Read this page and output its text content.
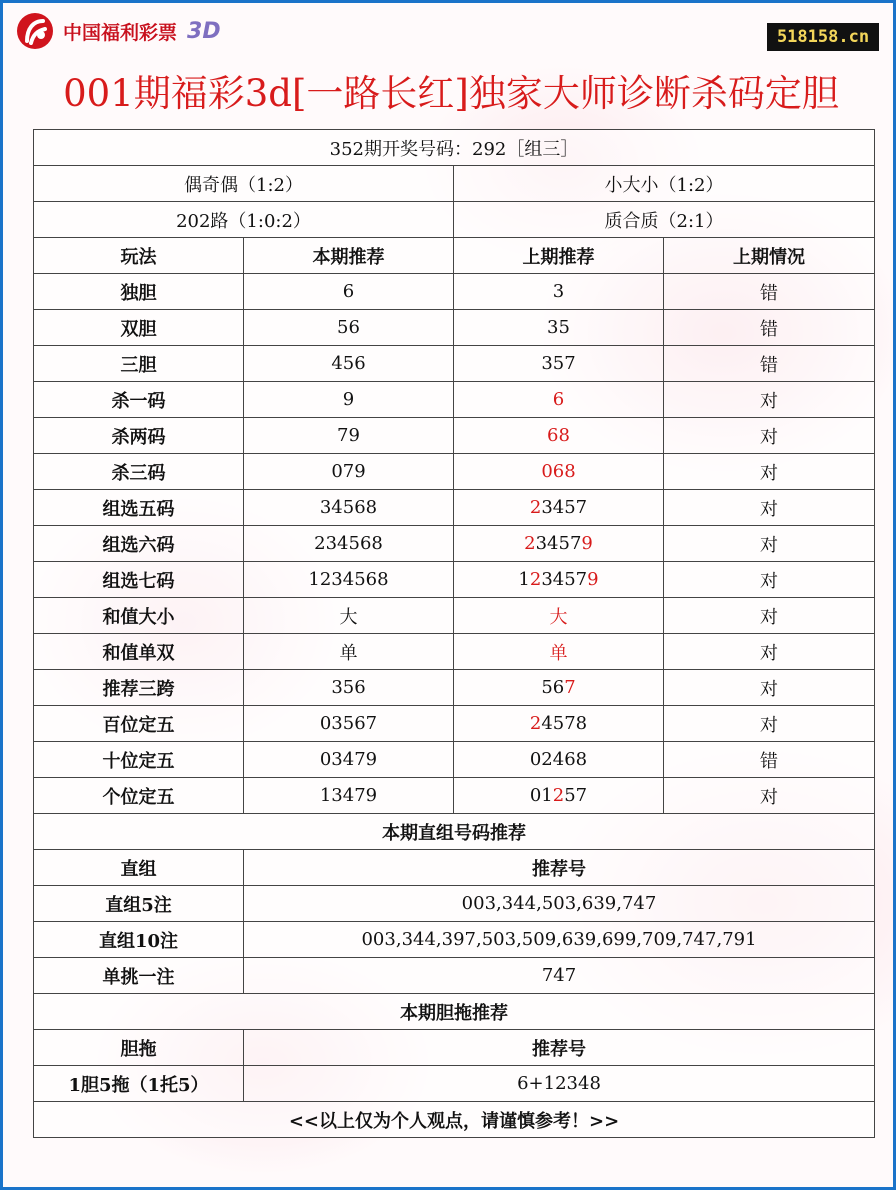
中国福利彩票 3D	518158.cn
001期福彩3d[一路长红]独家大师诊断杀码定胆
352期开奖号码：292［组三］			
偶奇偶（1:2）		小大小（1:2）	
202路（1:0:2）		质合质（2:1）	
玩法	本期推荐	上期推荐	上期情况
独胆	6	3	错
双胆	56	35	错
三胆	456	357	错
杀一码	9	6	对
杀两码	79	68	对
杀三码	079	068	对
组选五码	34568	23457	对
组选六码	234568	234579	对
组选七码	1234568	1234579	对
和值大小	大	大	对
和值单双	单	单	对
推荐三跨	356	567	对
百位定五	03567	24578	对
十位定五	03479	02468	错
个位定五	13479	01257	对
本期直组号码推荐			
直组	推荐号		
直组5注	003,344,503,639,747		
直组10注	003,344,397,503,509,639,699,709,747,791		
单挑一注	747		
本期胆拖推荐			
胆拖	推荐号		
1胆5拖（1托5）	6+12348		
<<以上仅为个人观点，请谨慎参考！>>			
